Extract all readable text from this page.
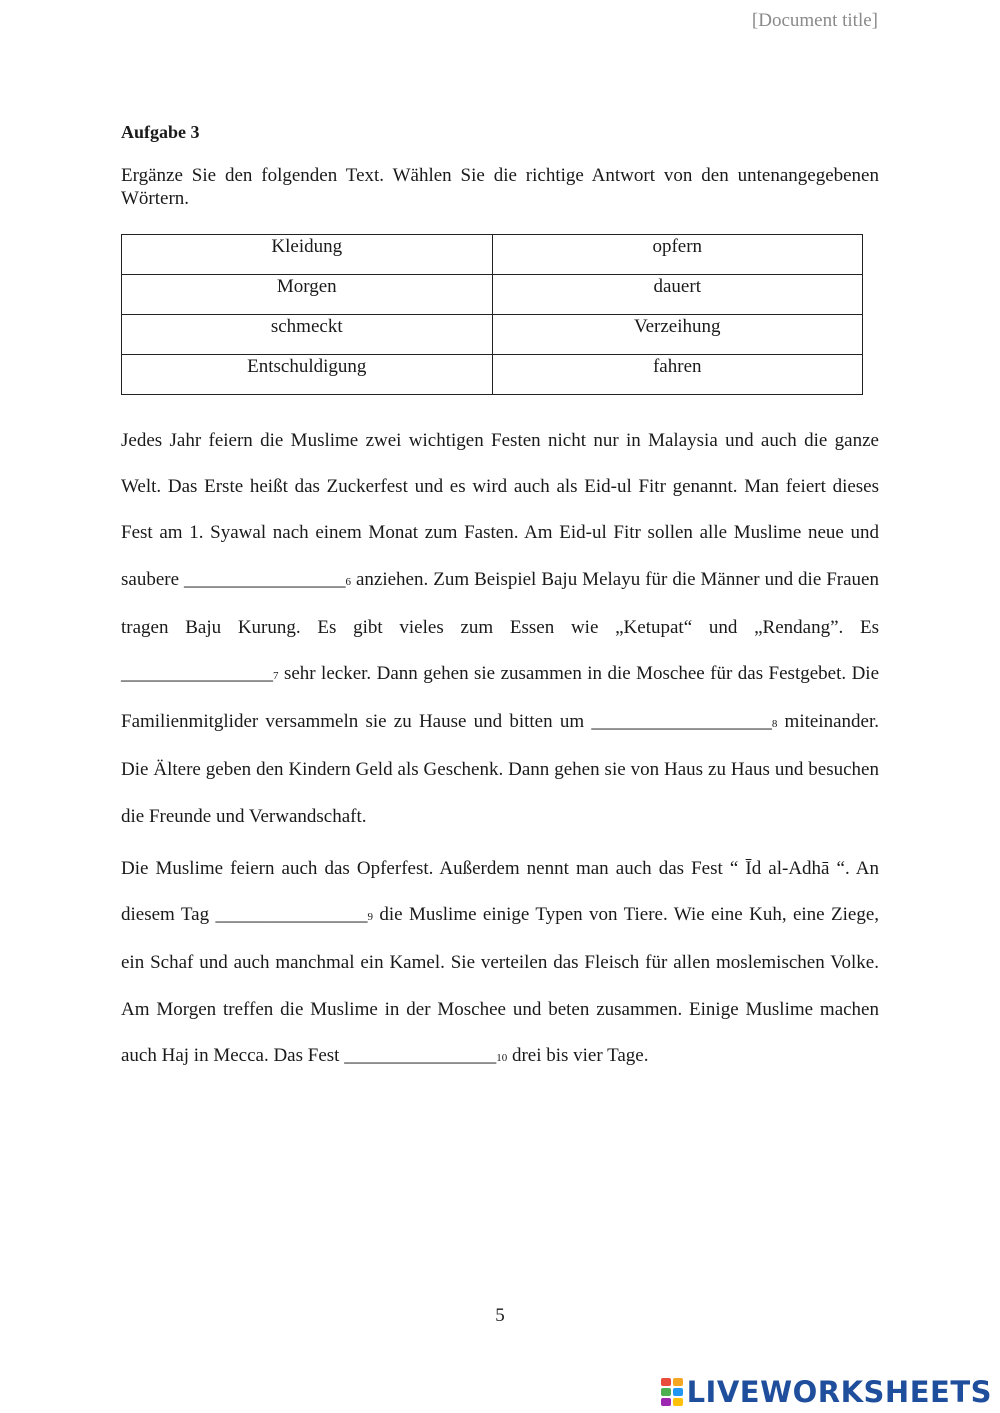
[Document title]
Aufgabe 3
Ergänze Sie den folgenden Text. Wählen Sie die richtige Antwort von den untenangegebenen Wörtern.
Kleidung	opfern
Morgen	dauert
schmeckt	Verzeihung
Entschuldigung	fahren

Jedes Jahr feiern die Muslime zwei wichtigen Festen nicht nur in Malaysia und auch die ganze Welt. Das Erste heißt das Zuckerfest und es wird auch als Eid-ul Fitr genannt. Man feiert dieses Fest am 1. Syawal nach einem Monat zum Fasten. Am Eid-ul Fitr sollen alle Muslime neue und saubere _________________6 anziehen. Zum Beispiel Baju Melayu für die Männer und die Frauen tragen Baju Kurung. Es gibt vieles zum Essen wie „Ketupat“ und „Rendang”. Es ________________7 sehr lecker. Dann gehen sie zusammen in die Moschee für das Festgebet. Die Familienmitglider versammeln sie zu Hause und bitten um ___________________8 miteinander. Die Ältere geben den Kindern Geld als Geschenk. Dann gehen sie von Haus zu Haus und besuchen die Freunde und Verwandschaft.

Die Muslime feiern auch das Opferfest. Außerdem nennt man auch das Fest “ Īd al-Adhā “. An diesem Tag ________________9 die Muslime einige Typen von Tiere. Wie eine Kuh, eine Ziege, ein Schaf und auch manchmal ein Kamel. Sie verteilen das Fleisch für allen moslemischen Volke. Am Morgen treffen die Muslime in der Moschee und beten zusammen. Einige Muslime machen auch Haj in Mecca. Das Fest ________________10 drei bis vier Tage.

5
LIVEWORKSHEETS
